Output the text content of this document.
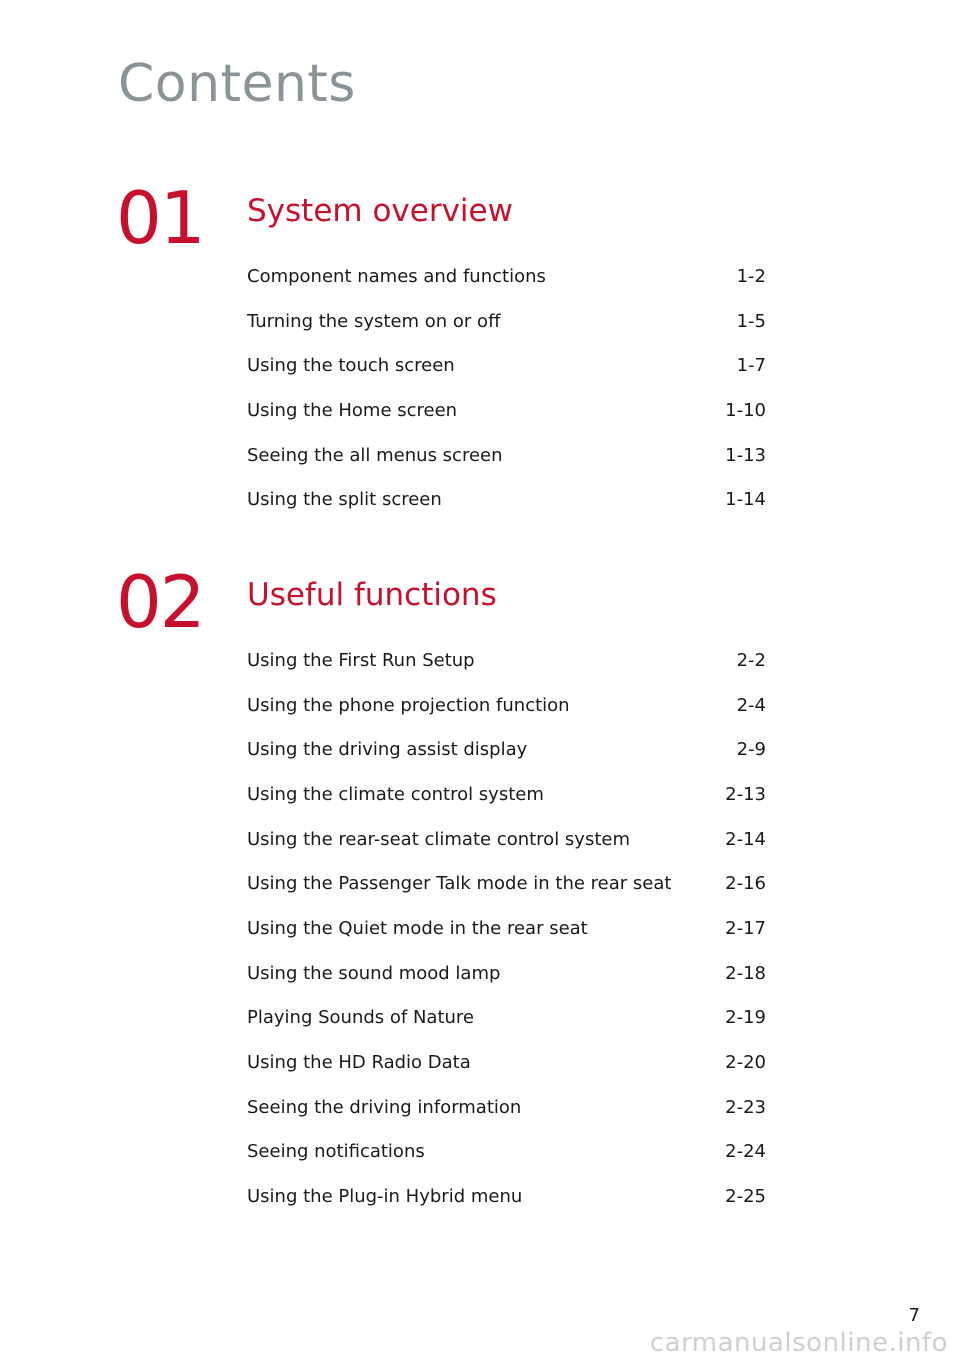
Contents
01 System overview
Component names and functions	1-2
Turning the system on or off	1-5
Using the touch screen	1-7
Using the Home screen	1-10
Seeing the all menus screen	1-13
Using the split screen	1-14
02 Useful functions
Using the First Run Setup	2-2
Using the phone projection function	2-4
Using the driving assist display	2-9
Using the climate control system	2-13
Using the rear-seat climate control system	2-14
Using the Passenger Talk mode in the rear seat	2-16
Using the Quiet mode in the rear seat	2-17
Using the sound mood lamp	2-18
Playing Sounds of Nature	2-19
Using the HD Radio Data	2-20
Seeing the driving information	2-23
Seeing notifications	2-24
Using the Plug-in Hybrid menu	2-25
7
carmanualsonline.info
